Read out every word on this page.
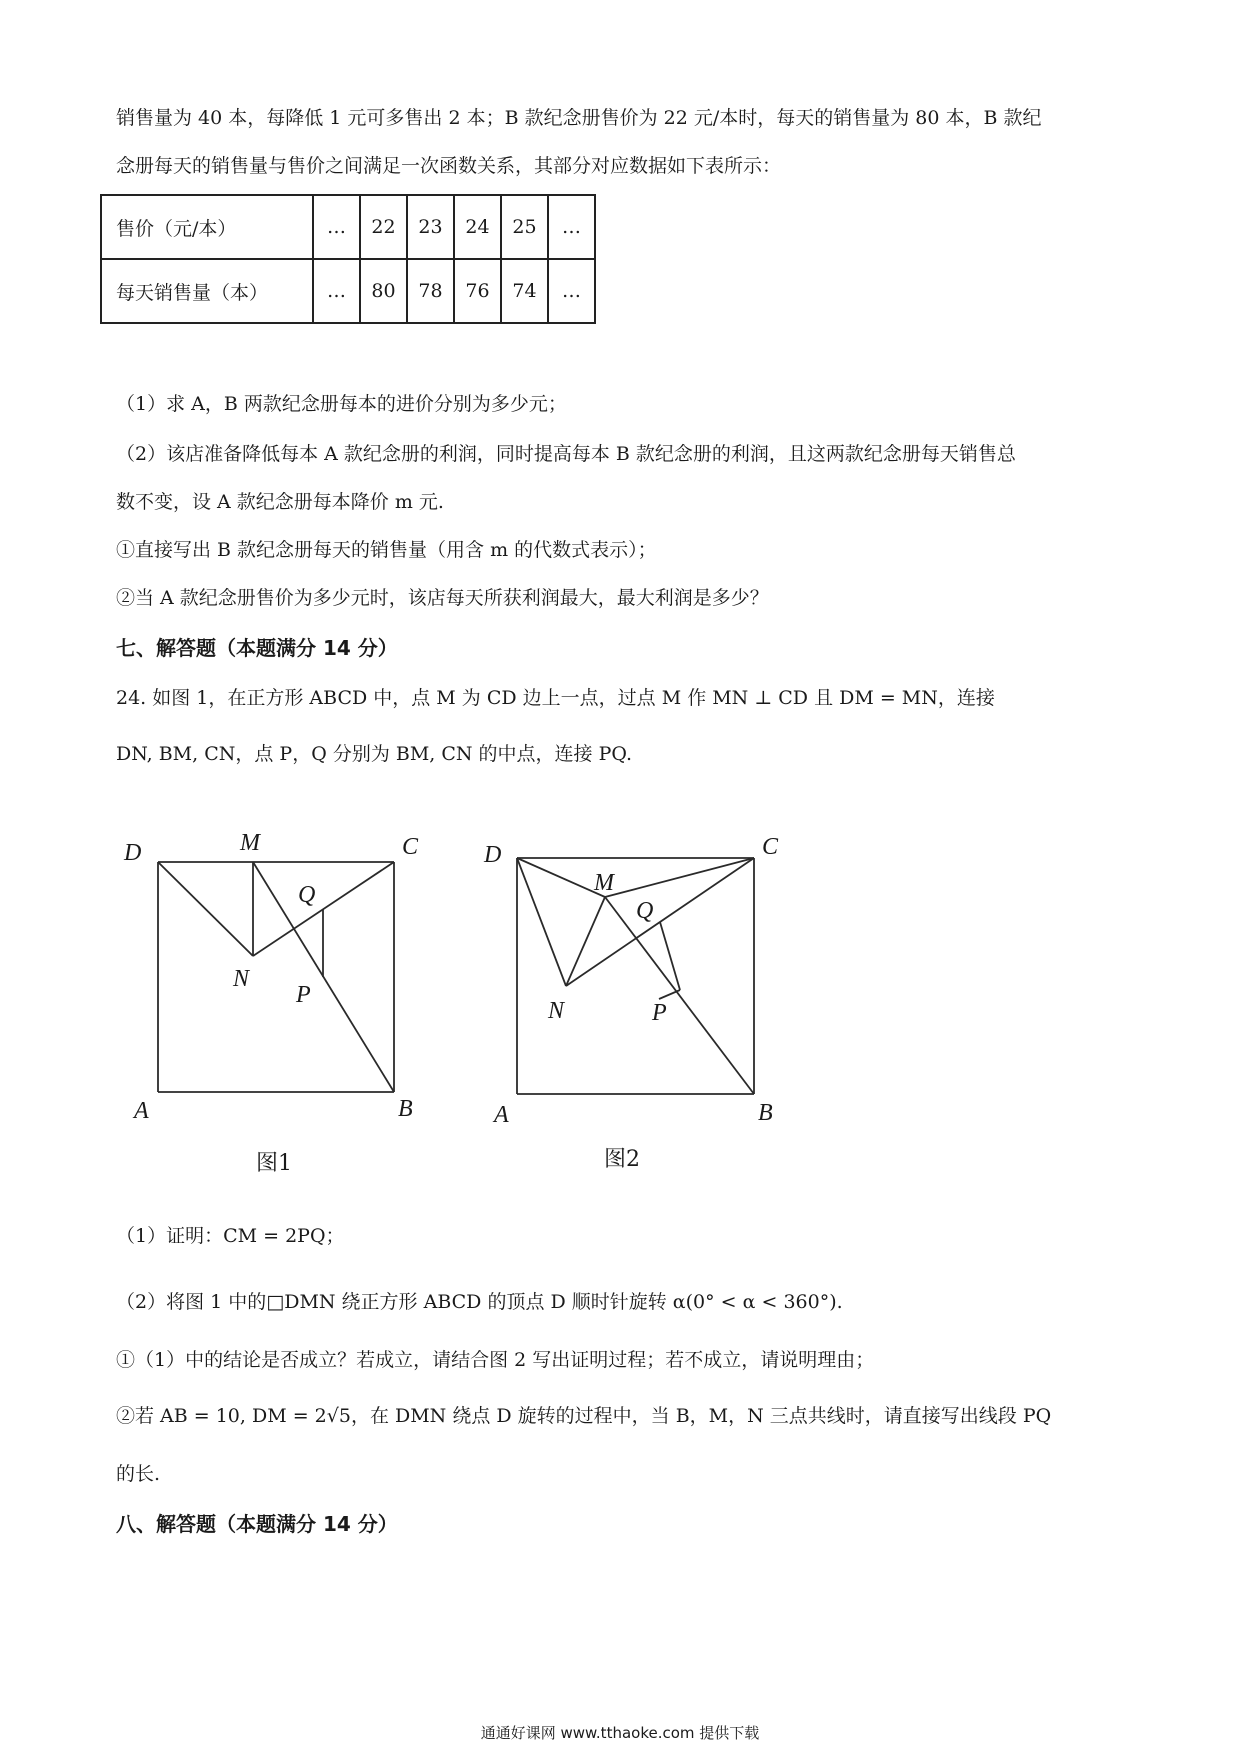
销售量为 40 本，每降低 1 元可多售出 2 本；B 款纪念册售价为 22 元/本时，每天的销售量为 80 本，B 款纪
念册每天的销售量与售价之间满足一次函数关系，其部分对应数据如下表所示：
售价（元/本）	…	22	23	24	25	…
每天销售量（本）	…	80	78	76	74	…
（1）求 A，B 两款纪念册每本的进价分别为多少元；
（2）该店准备降低每本 A 款纪念册的利润，同时提高每本 B 款纪念册的利润，且这两款纪念册每天销售总
数不变，设 A 款纪念册每本降价 m 元.
①直接写出 B 款纪念册每天的销售量（用含 m 的代数式表示）；
②当 A 款纪念册售价为多少元时，该店每天所获利润最大，最大利润是多少？
七、解答题（本题满分 14 分）
24. 如图 1，在正方形 ABCD 中，点 M 为 CD 边上一点，过点 M 作 MN ⊥ CD 且 DM = MN，连接
DN, BM, CN，点 P，Q 分别为 BM, CN 的中点，连接 PQ.
D	M	C
Q
N
P
A	B
D
M
C
Q
N	P
A	B
图1	图2
（1）证明：CM = 2PQ；
（2）将图 1 中的□DMN 绕正方形 ABCD 的顶点 D 顺时针旋转 α(0° < α < 360°).
①（1）中的结论是否成立？若成立，请结合图 2 写出证明过程；若不成立，请说明理由；
②若 AB = 10, DM = 2√5，在 DMN 绕点 D 旋转的过程中，当 B，M，N 三点共线时，请直接写出线段 PQ
的长.
八、解答题（本题满分 14 分）
通通好课网 www.tthaoke.com 提供下载
